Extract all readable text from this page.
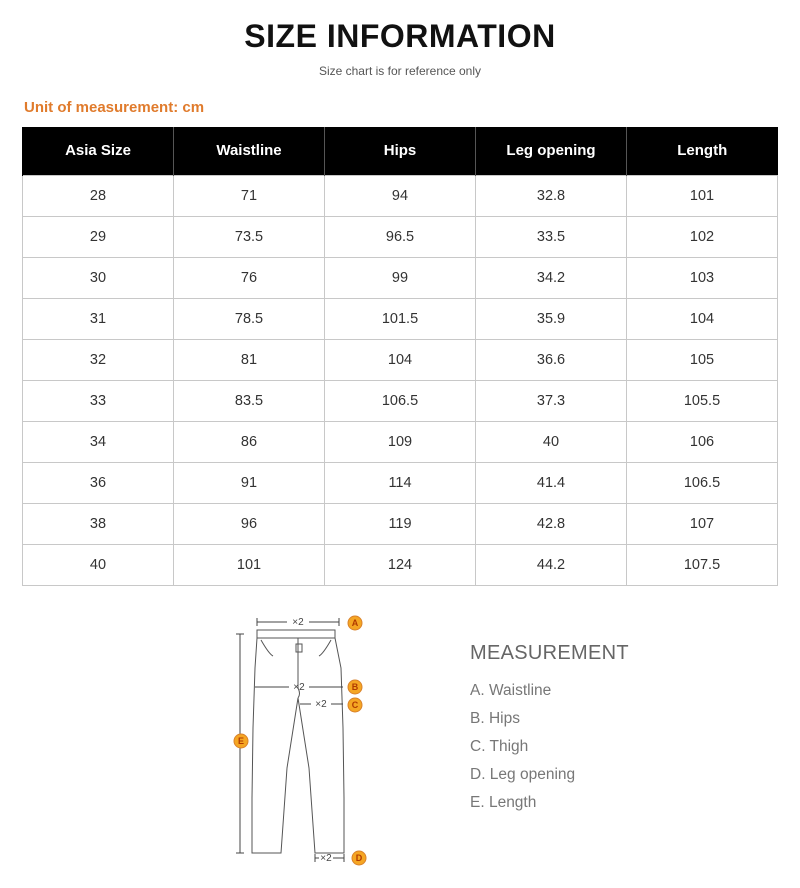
SIZE INFORMATION
Size chart is for reference only
Unit of measurement: cm
Asia Size	Waistline	Hips	Leg opening	Length
28	71	94	32.8	101
29	73.5	96.5	33.5	102
30	76	99	34.2	103
31	78.5	101.5	35.9	104
32	81	104	36.6	105
33	83.5	106.5	37.3	105.5
34	86	109	40	106
36	91	114	41.4	106.5
38	96	119	42.8	107
40	101	124	44.2	107.5
×2
×2
×2
×2
A
B
C
D
E
MEASUREMENT
A. Waistline
B. Hips
C. Thigh
D. Leg opening
E. Length
